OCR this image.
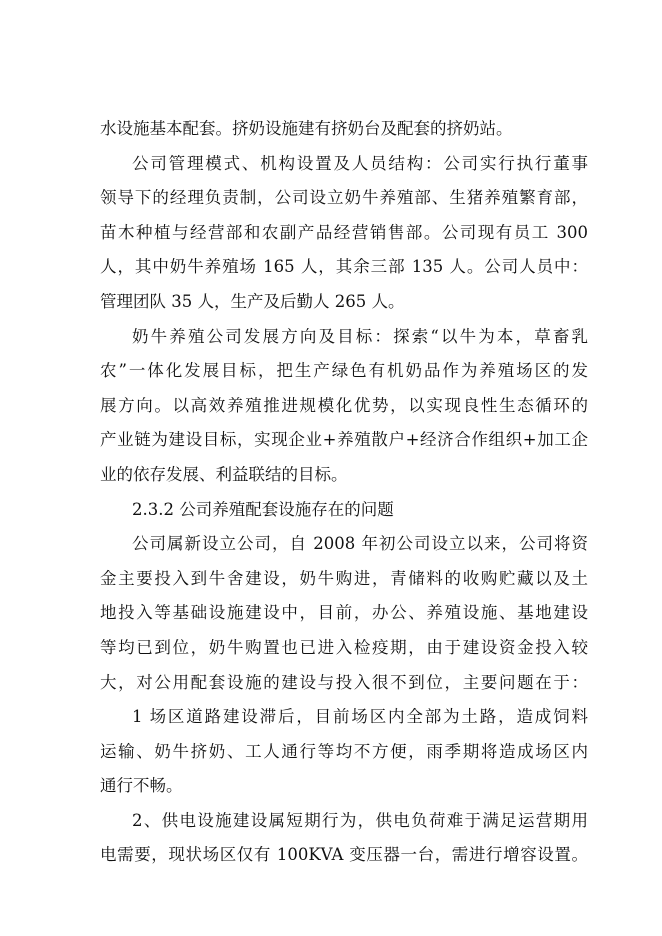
水设施基本配套。挤奶设施建有挤奶台及配套的挤奶站。
公司管理模式、机构设置及人员结构：公司实行执行董事
领导下的经理负责制，公司设立奶牛养殖部、生猪养殖繁育部，
苗木种植与经营部和农副产品经营销售部。公司现有员工 300
人，其中奶牛养殖场 165 人，其余三部 135 人。公司人员中：
管理团队 35 人，生产及后勤人 265 人。
奶牛养殖公司发展方向及目标：探索“以牛为本，草畜乳
农”一体化发展目标，把生产绿色有机奶品作为养殖场区的发
展方向。以高效养殖推进规模化优势，以实现良性生态循环的
产业链为建设目标，实现企业+养殖散户+经济合作组织+加工企
业的依存发展、利益联结的目标。
2.3.2 公司养殖配套设施存在的问题
公司属新设立公司，自 2008 年初公司设立以来，公司将资
金主要投入到牛舍建设，奶牛购进，青储料的收购贮藏以及土
地投入等基础设施建设中，目前，办公、养殖设施、基地建设
等均已到位，奶牛购置也已进入检疫期，由于建设资金投入较
大，对公用配套设施的建设与投入很不到位，主要问题在于：
1 场区道路建设滞后，目前场区内全部为土路，造成饲料
运输、奶牛挤奶、工人通行等均不方便，雨季期将造成场区内
通行不畅。
2、供电设施建设属短期行为，供电负荷难于满足运营期用
电需要，现状场区仅有 100KVA 变压器一台，需进行增容设置。
